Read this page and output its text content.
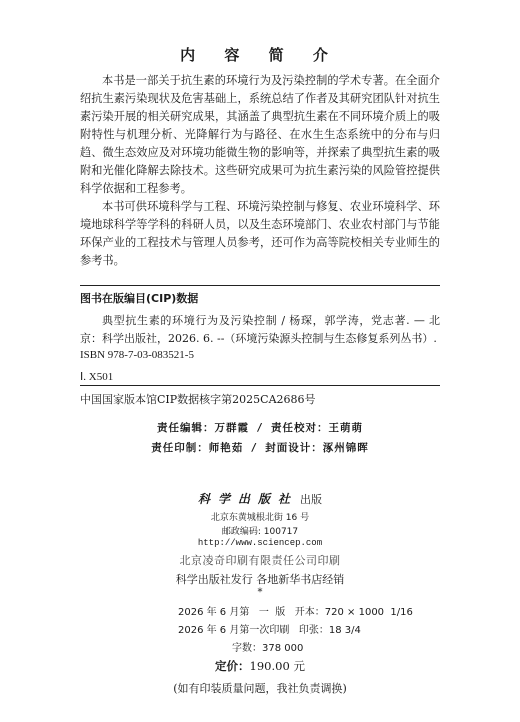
内 容 简 介

本书是一部关于抗生素的环境行为及污染控制的学术专著。在全面介绍抗生素污染现状及危害基础上，系统总结了作者及其研究团队针对抗生素污染开展的相关研究成果，其涵盖了典型抗生素在不同环境介质上的吸附特性与机理分析、光降解行为与路径、在水生生态系统中的分布与归趋、微生态效应及对环境功能微生物的影响等，并探索了典型抗生素的吸附和光催化降解去除技术。这些研究成果可为抗生素污染的风险管控提供科学依据和工程参考。

本书可供环境科学与工程、环境污染控制与修复、农业环境科学、环境地球科学等学科的科研人员，以及生态环境部门、农业农村部门与节能环保产业的工程技术与管理人员参考，还可作为高等院校相关专业师生的参考书。

图书在版编目(CIP)数据
典型抗生素的环境行为及污染控制 / 杨琛，郭学涛，党志著. — 北京：科学出版社，2026. 6. --（环境污染源头控制与生态修复系列丛书）.
ISBN 978-7-03-083521-5
Ⅰ. X501
中国国家版本馆CIP数据核字第2025CA2686号
责任编辑：万群霞 / 责任校对：王萌萌
责任印制：师艳茹 / 封面设计：涿州锦晖
科学出版社 出版
北京东黄城根北街 16 号
邮政编码: 100717
http://www.sciencep.com
北京凌奇印刷有限责任公司印刷
科学出版社发行 各地新华书店经销
*
2026 年 6 月第   一  版   开本：720 × 1000  1/16
2026 年 6 月第一次印刷   印张：18 3/4
字数：378 000
定价：190.00 元
(如有印装质量问题，我社负责调换)
